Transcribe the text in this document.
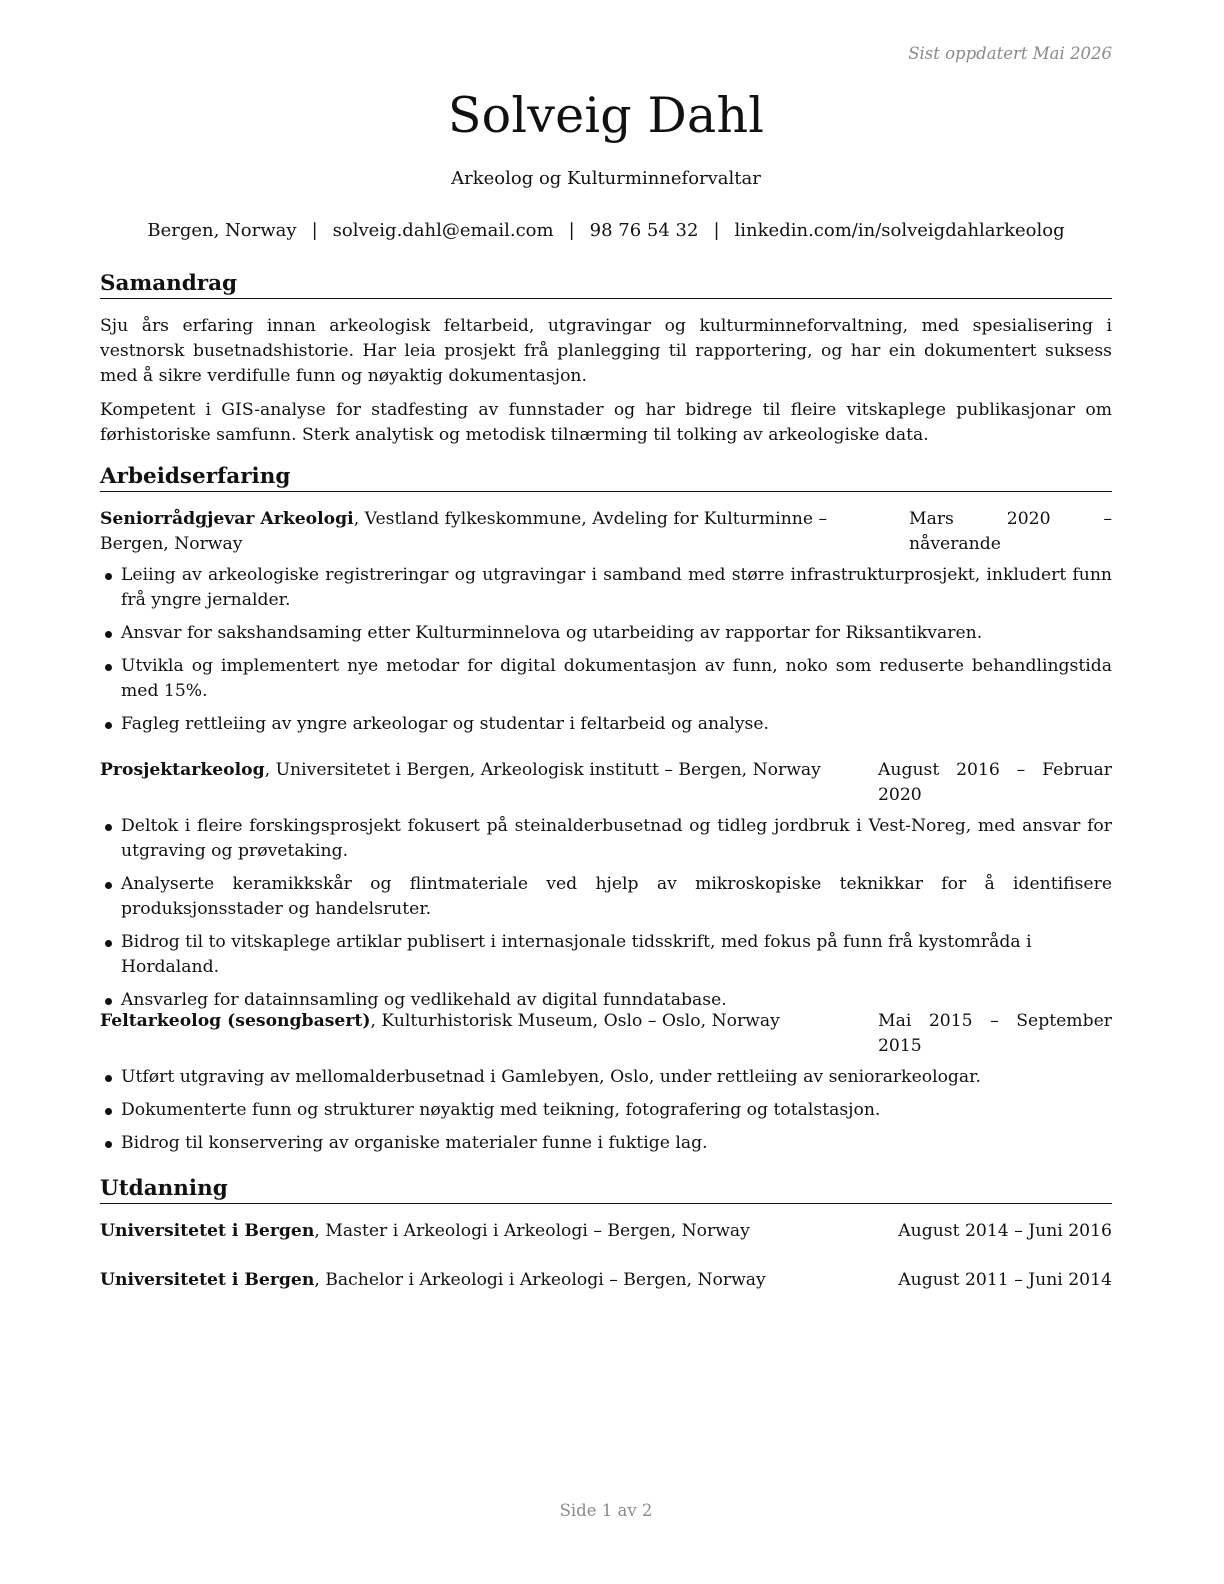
Sist oppdatert Mai 2026
Solveig Dahl
Arkeolog og Kulturminneforvaltar
Bergen, Norway | solveig.dahl@email.com | 98 76 54 32 | linkedin.com/in/solveigdahlarkeolog
Samandrag

Sju års erfaring innan arkeologisk feltarbeid, utgravingar og kulturminneforvaltning, med spesialisering i vestnorsk busetnadshistorie. Har leia prosjekt frå planlegging til rapportering, og har ein dokumentert suksess med å sikre verdifulle funn og nøyaktig dokumentasjon.

Kompetent i GIS-analyse for stadfesting av funnstader og har bidrege til fleire vitskaplege publikasjonar om førhistoriske samfunn. Sterk analytisk og metodisk tilnærming til tolking av arkeologiske data.

Arbeidserfaring
Seniorrådgjevar Arkeologi, Vestland fylkeskommune, Avdeling for Kulturminne – Bergen, Norway
Mars 2020 – nåverande
Leiing av arkeologiske registreringar og utgravingar i samband med større infrastrukturprosjekt, inkludert funn frå yngre jernalder.
Ansvar for sakshandsaming etter Kulturminnelova og utarbeiding av rapportar for Riksantikvaren.
Utvikla og implementert nye metodar for digital dokumentasjon av funn, noko som reduserte behandlingstida med 15%.
Fagleg rettleiing av yngre arkeologar og studentar i feltarbeid og analyse.
Prosjektarkeolog, Universitetet i Bergen, Arkeologisk institutt – Bergen, Norway	August 2016 – Februar 2020
Deltok i fleire forskingsprosjekt fokusert på steinalderbusetnad og tidleg jordbruk i Vest-Noreg, med ansvar for utgraving og prøvetaking.
Analyserte keramikkskår og flintmateriale ved hjelp av mikroskopiske teknikkar for å identifisere produksjonsstader og handelsruter.
Bidrog til to vitskaplege artiklar publisert i internasjonale tidsskrift, med fokus på funn frå kystområda i Hordaland.
Ansvarleg for datainnsamling og vedlikehald av digital funndatabase.
Feltarkeolog (sesongbasert), Kulturhistorisk Museum, Oslo – Oslo, Norway	Mai 2015 – September 2015
Utført utgraving av mellomalderbusetnad i Gamlebyen, Oslo, under rettleiing av seniorarkeologar.
Dokumenterte funn og strukturer nøyaktig med teikning, fotografering og totalstasjon.
Bidrog til konservering av organiske materialer funne i fuktige lag.
Utdanning
Universitetet i Bergen, Master i Arkeologi i Arkeologi – Bergen, Norway	August 2014 – Juni 2016
Universitetet i Bergen, Bachelor i Arkeologi i Arkeologi – Bergen, Norway	August 2011 – Juni 2014
Side 1 av 2
